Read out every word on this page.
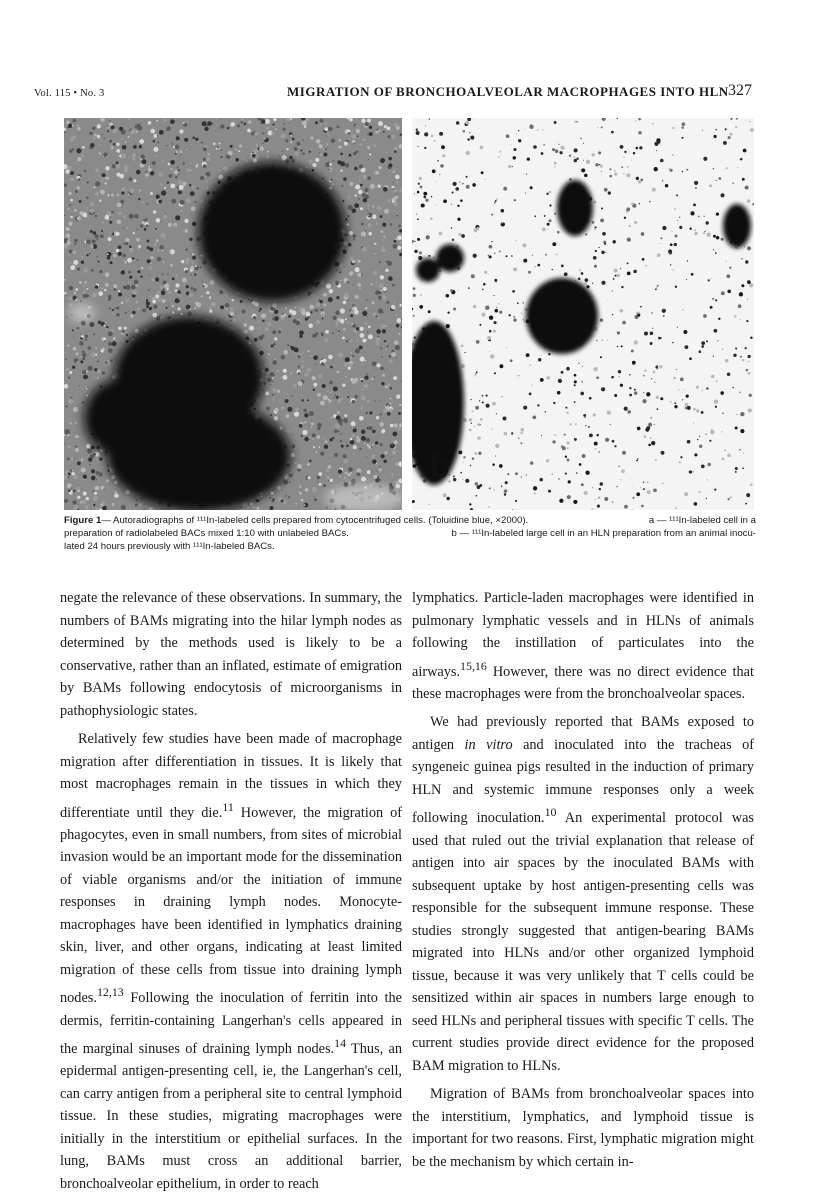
Vol. 115 • No. 3	MIGRATION OF BRONCHOALVEOLAR MACROPHAGES INTO HLN 327
b
Figure 1— Autoradiographs of ¹¹¹In-labeled cells prepared from cytocentrifuged cells. (Toluidine blue, ×2000).	a — ¹¹¹In-labeled cell in a
preparation of radiolabeled BACs mixed 1:10 with unlabeled BACs.	b — ¹¹¹In-labeled large cell in an HLN preparation from an animal inocu-
lated 24 hours previously with ¹¹¹In-labeled BACs.

negate the relevance of these observations. In summary, the numbers of BAMs migrating into the hilar lymph nodes as determined by the methods used is likely to be a conservative, rather than an inflated, estimate of emigration by BAMs following endocytosis of microorganisms in pathophysiologic states.

Relatively few studies have been made of macrophage migration after differentiation in tissues. It is likely that most macrophages remain in the tissues in which they differentiate until they die.$^{11}$ However, the migration of phagocytes, even in small numbers, from sites of microbial invasion would be an important mode for the dissemination of viable organisms and/or the initiation of immune responses in draining lymph nodes. Monocyte-macrophages have been identified in lymphatics draining skin, liver, and other organs, indicating at least limited migration of these cells from tissue into draining lymph nodes.$^{12,13}$ Following the inoculation of ferritin into the dermis, ferritin-containing Langerhan's cells appeared in the marginal sinuses of draining lymph nodes.$^{14}$ Thus, an epidermal antigen-presenting cell, ie, the Langerhan's cell, can carry antigen from a peripheral site to central lymphoid tissue. In these studies, migrating macrophages were initially in the interstitium or epithelial surfaces. In the lung, BAMs must cross an additional barrier, bronchoalveolar epithelium, in order to reach

lymphatics. Particle-laden macrophages were identified in pulmonary lymphatic vessels and in HLNs of animals following the instillation of particulates into the airways.$^{15,16}$ However, there was no direct evidence that these macrophages were from the bronchoalveolar spaces.

We had previously reported that BAMs exposed to antigen in vitro and inoculated into the tracheas of syngeneic guinea pigs resulted in the induction of primary HLN and systemic immune responses only a week following inoculation.$^{10}$ An experimental protocol was used that ruled out the trivial explanation that release of antigen into air spaces by the inoculated BAMs with subsequent uptake by host antigen-presenting cells was responsible for the subsequent immune response. These studies strongly suggested that antigen-bearing BAMs migrated into HLNs and/or other organized lymphoid tissue, because it was very unlikely that T cells could be sensitized within air spaces in numbers large enough to seed HLNs and peripheral tissues with specific T cells. The current studies provide direct evidence for the proposed BAM migration to HLNs.

Migration of BAMs from bronchoalveolar spaces into the interstitium, lymphatics, and lymphoid tissue is important for two reasons. First, lymphatic migration might be the mechanism by which certain in-
